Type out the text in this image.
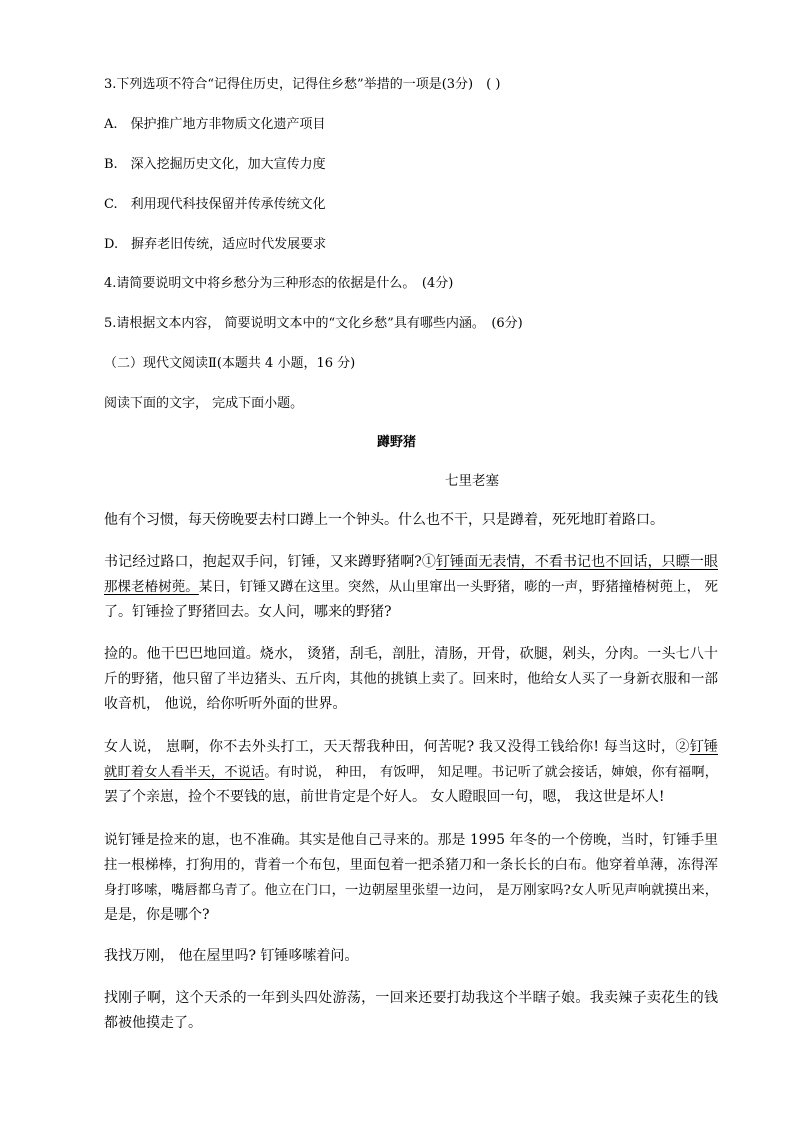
3.下列选项不符合“记得住历史，记得住乡愁”举措的一项是(3分)　( )
A.　保护推广地方非物质文化遗产项目
B.　深入挖掘历史文化，加大宣传力度
C.　利用现代科技保留并传承传统文化
D.　摒弃老旧传统，适应时代发展要求
4.请简要说明文中将乡愁分为三种形态的依据是什么。　(4分)
5.请根据文本内容， 简要说明文本中的“文化乡愁”具有哪些内涵。　(6分)
（二）现代文阅读Ⅱ(本题共 4 小题，16 分)
阅读下面的文字， 完成下面小题。
蹲野猪
七里老塞
他有个习惯，每天傍晚要去村口蹲上一个钟头。什么也不干，只是蹲着，死死地盯着路口。
书记经过路口，抱起双手问，钉锤，又来蹲野猪啊?①钉锤面无表情，不看书记也不回话，只瞟一眼
那棵老椿树蔸。某日，钉锤又蹲在这里。突然，从山里窜出一头野猪，嘭的一声，野猪撞椿树蔸上， 死
了。钉锤捡了野猪回去。女人问，哪来的野猪?
捡的。他干巴巴地回道。烧水， 烫猪，刮毛，剖肚，清肠，开骨，砍腿，剁头，分肉。一头七八十
斤的野猪，他只留了半边猪头、五斤肉，其他的挑镇上卖了。回来时，他给女人买了一身新衣服和一部
收音机， 他说，给你听听外面的世界。
女人说， 崽啊，你不去外头打工，天天帮我种田，何苦呢? 我又没得工钱给你! 每当这时，②钉锤
就盯着女人看半天，不说话。有时说， 种田， 有饭呷， 知足哩。书记听了就会接话，婶娘，你有福啊，
罢了个亲崽，捡个不要钱的崽，前世肯定是个好人。 女人瞪眼回一句，嗯， 我这世是坏人!
说钉锤是捡来的崽，也不准确。其实是他自己寻来的。那是 1995 年冬的一个傍晚，当时，钉锤手里
拄一根梯棒，打狗用的，背着一个布包，里面包着一把杀猪刀和一条长长的白布。他穿着单薄，冻得浑
身打哆嗦，嘴唇都乌青了。他立在门口，一边朝屋里张望一边问， 是万刚家吗?女人听见声响就摸出来，
是是，你是哪个?
我找万刚， 他在屋里吗? 钉锤哆嗦着问。
找刚子啊，这个天杀的一年到头四处游荡，一回来还要打劫我这个半瞎子娘。我卖辣子卖花生的钱
都被他摸走了。
